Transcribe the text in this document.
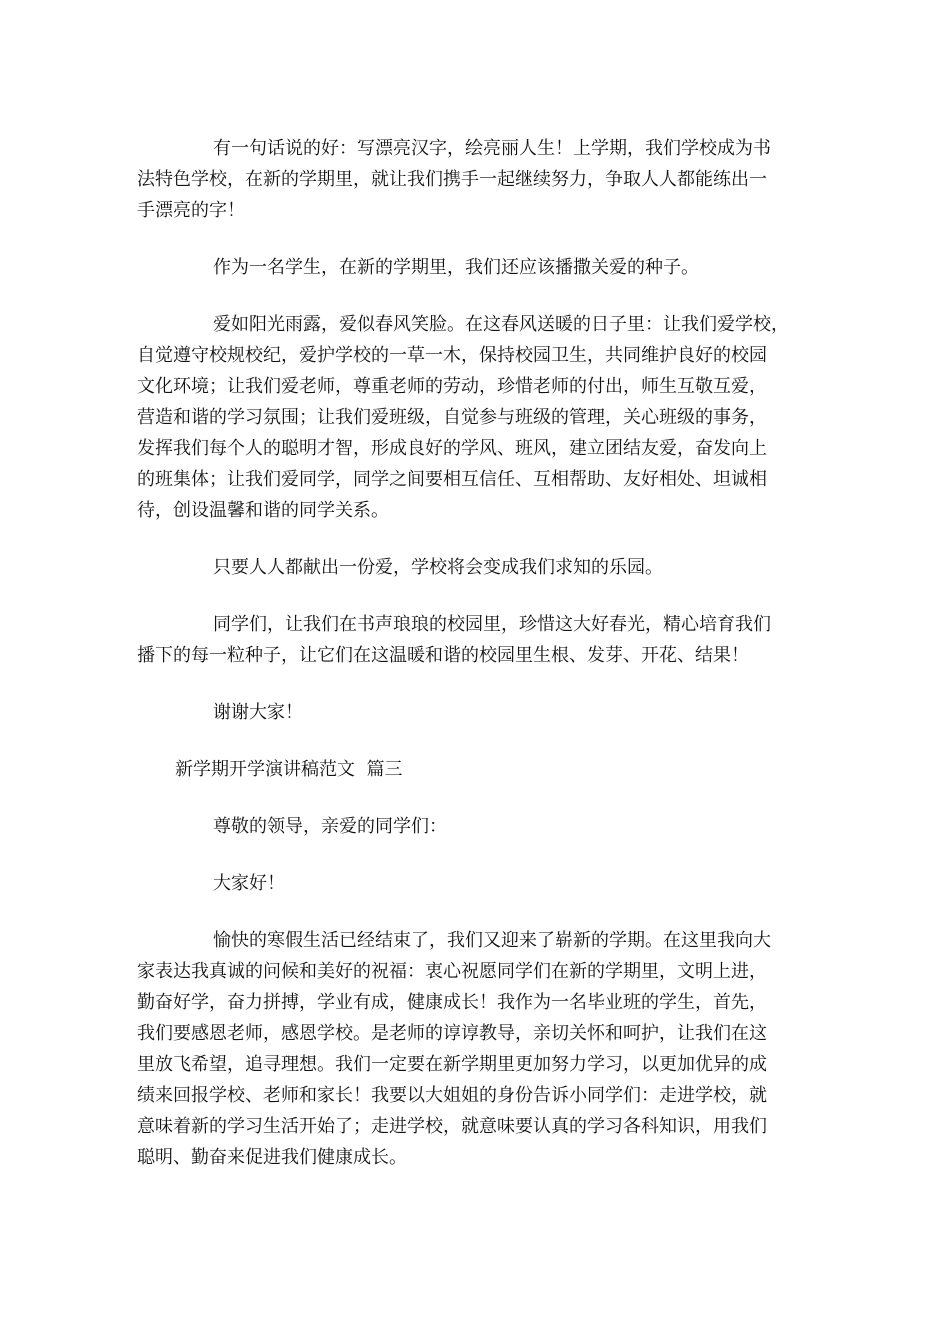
有一句话说的好：写漂亮汉字，绘亮丽人生！上学期，我们学校成为书
法特色学校，在新的学期里，就让我们携手一起继续努力，争取人人都能练出一
手漂亮的字！
作为一名学生，在新的学期里，我们还应该播撒关爱的种子。
爱如阳光雨露，爱似春风笑脸。在这春风送暖的日子里：让我们爱学校，
自觉遵守校规校纪，爱护学校的一草一木，保持校园卫生，共同维护良好的校园
文化环境；让我们爱老师，尊重老师的劳动，珍惜老师的付出，师生互敬互爱，
营造和谐的学习氛围；让我们爱班级，自觉参与班级的管理，关心班级的事务，
发挥我们每个人的聪明才智，形成良好的学风、班风，建立团结友爱，奋发向上
的班集体；让我们爱同学，同学之间要相互信任、互相帮助、友好相处、坦诚相
待，创设温馨和谐的同学关系。
只要人人都献出一份爱，学校将会变成我们求知的乐园。
同学们，让我们在书声琅琅的校园里，珍惜这大好春光，精心培育我们
播下的每一粒种子，让它们在这温暖和谐的校园里生根、发芽、开花、结果！
谢谢大家！
新学期开学演讲稿范文  篇三
尊敬的领导，亲爱的同学们：
大家好！
愉快的寒假生活已经结束了，我们又迎来了崭新的学期。在这里我向大
家表达我真诚的问候和美好的祝福：衷心祝愿同学们在新的学期里，文明上进，
勤奋好学，奋力拼搏，学业有成，健康成长！我作为一名毕业班的学生，首先，
我们要感恩老师，感恩学校。是老师的谆谆教导，亲切关怀和呵护，让我们在这
里放飞希望，追寻理想。我们一定要在新学期里更加努力学习，以更加优异的成
绩来回报学校、老师和家长！我要以大姐姐的身份告诉小同学们：走进学校，就
意味着新的学习生活开始了；走进学校，就意味要认真的学习各科知识，用我们
聪明、勤奋来促进我们健康成长。
